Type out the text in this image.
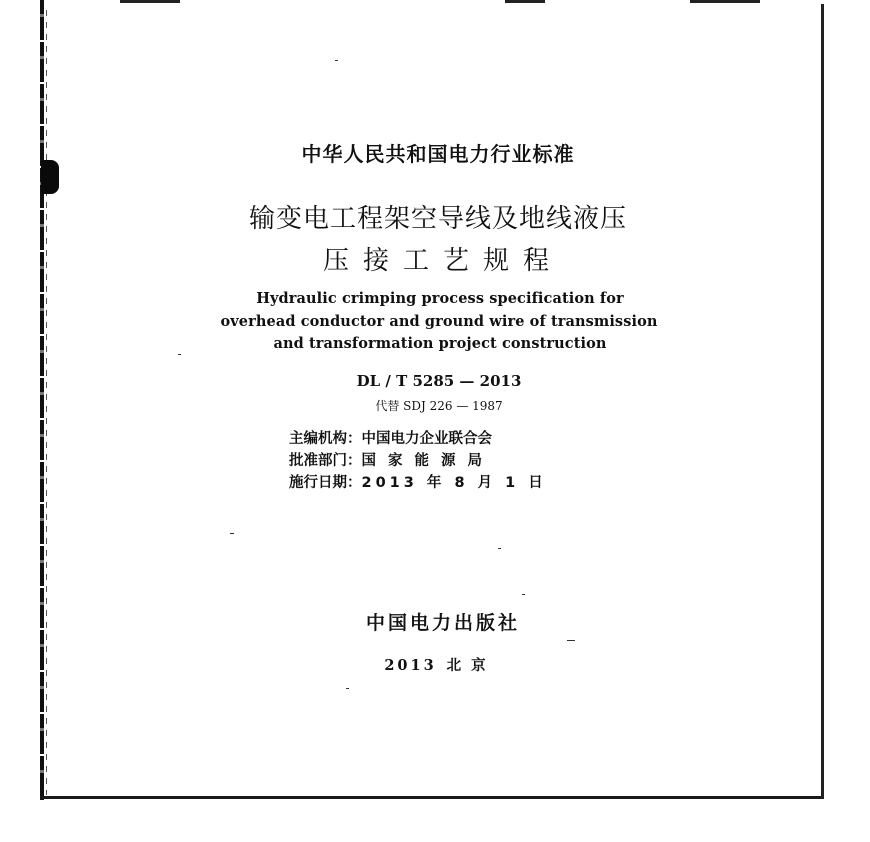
中华人民共和国电力行业标准
输变电工程架空导线及地线液压
压接工艺规程
Hydraulic crimping process specification for
overhead conductor and ground wire of transmission
and transformation project construction
DL / T 5285 — 2013
代替 SDJ 226 — 1987
主编机构： 中国电力企业联合会
批准部门： 国家能源局
施行日期： 2013 年 8 月 1 日
中国电力出版社
2013 北京
